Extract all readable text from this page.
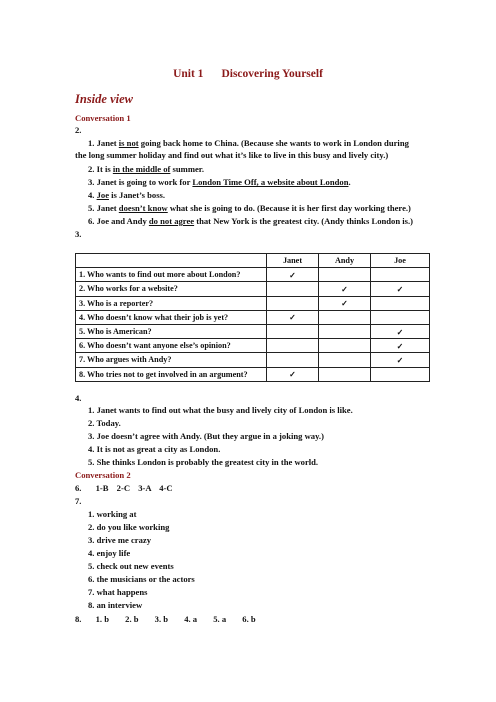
Unit 1 Discovering Yourself
Inside view
Conversation 1
2.
1. Janet is not going back home to China. (Because she wants to work in London during the long summer holiday and find out what it’s like to live in this busy and lively city.)
2. It is in the middle of summer.
3. Janet is going to work for London Time Off, a website about London.
4. Joe is Janet’s boss.
5. Janet doesn’t know what she is going to do. (Because it is her first day working there.)
6. Joe and Andy do not agree that New York is the greatest city. (Andy thinks London is.)
3.
	Janet	Andy	Joe
1. Who wants to find out more about London?	✓		
2. Who works for a website?		✓	✓
3. Who is a reporter?		✓	
4. Who doesn’t know what their job is yet?	✓		
5. Who is American?			✓
6. Who doesn’t want anyone else’s opinion?			✓
7. Who argues with Andy?			✓
8. Who tries not to get involved in an argument?	✓		
4.
1. Janet wants to find out what the busy and lively city of London is like.
2. Today.
3. Joe doesn’t agree with Andy. (But they argue in a joking way.)
4. It is not as great a city as London.
5. She thinks London is probably the greatest city in the world.
Conversation 2
6. 1-B 2-C 3-A 4-C
7.
1. working at
2. do you like working
3. drive me crazy
4. enjoy life
5. check out new events
6. the musicians or the actors
7. what happens
8. an interview
8. 1. b 2. b 3. b 4. a 5. a 6. b
